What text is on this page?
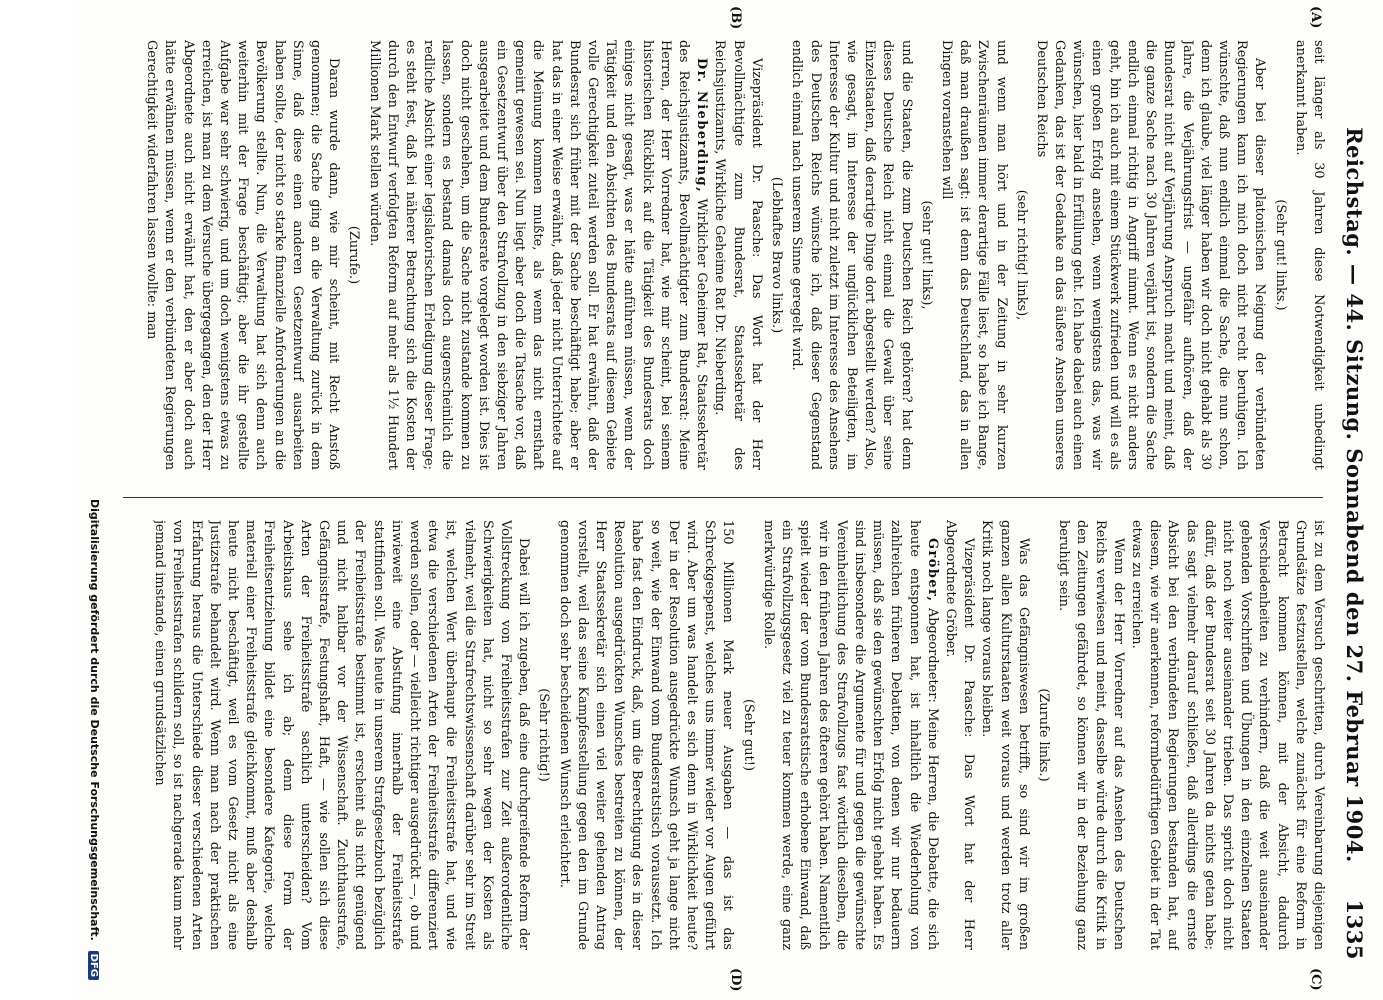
Reichstag. — 44. Sitzung. Sonnabend den 27. Februar 1904.
1335
(A)
(B)
(C)
(D)

seit länger als 30 Jahren diese Notwendigkeit unbedingt anerkannt haben.

(Sehr gut! links.)

Aber bei dieser platonischen Neigung der verbündeten Regierungen kann ich mich doch nicht recht beruhigen. Ich wünschte, daß nun endlich einmal die Sache, die nun schon, denn ich glaube, viel länger haben wir doch nicht gehabt als 30 Jahre, die Verjährungsfrist — ungefähr aufhören, daß der Bundesrat nicht auf Verjährung Anspruch macht und meint, daß die ganze Sache nach 30 Jahren verjährt ist, sondern die Sache endlich einmal richtig in Angriff nimmt. Wenn es nicht anders geht, bin ich auch mit einem Stückwerk zufrieden und will es als einen großen Erfolg ansehen, wenn wenigstens das, was wir wünschen, hier bald in Erfüllung geht. Ich habe dabei auch einen Gedanken, das ist der Gedanke an das äußere Ansehen unseres Deutschen Reichs

(sehr richtig! links),

und wenn man hört und in der Zeitung in sehr kurzen Zwischenräumen immer derartige Fälle liest, so habe ich Bange, daß man draußen sagt: ist denn das Deutschland, das in allen Dingen voranstehen will

(sehr gut! links),

und die Staaten, die zum Deutschen Reich gehören? hat denn dieses Deutsche Reich nicht einmal die Gewalt über seine Einzelstaaten, daß derartige Dinge dort abgestellt werden? Also, wie gesagt, im Interesse der unglücklichen Beteiligten, im Interesse der Kultur und nicht zuletzt im Interesse des Ansehens des Deutschen Reichs wünsche ich, daß dieser Gegenstand endlich einmal nach unserem Sinne geregelt wird.

(Lebhaftes Bravo links.)

Vizepräsident Dr. Paasche: Das Wort hat der Herr Bevollmächtigte zum Bundesrat, Staatssekretär des Reichsjustizamts, Wirkliche Geheime Rat Dr. Nieberding.

Dr. Nieberding, Wirklicher Geheimer Rat, Staatssekretär des Reichsjustizamts, Bevollmächtigter zum Bundesrat: Meine Herren, der Herr Vorredner hat, wie mir scheint, bei seinem historischen Rückblick auf die Tätigkeit des Bundesrats doch einiges nicht gesagt, was er hätte anführen müssen, wenn der Tätigkeit und den Absichten des Bundesrats auf diesem Gebiete volle Gerechtigkeit zuteil werden soll. Er hat erwähnt, daß der Bundesrat sich früher mit der Sache beschäftigt habe; aber er hat das in einer Weise erwähnt, daß jeder nicht Unterrichtete auf die Meinung kommen mußte, als wenn das nicht ernsthaft gemeint gewesen sei. Nun liegt aber doch die Tatsache vor, daß ein Gesetzentwurf über den Strafvollzug in den siebziger Jahren ausgearbeitet und dem Bundesrate vorgelegt worden ist. Dies ist doch nicht geschehen, um die Sache nicht zustande kommen zu lassen, sondern es bestand damals doch augenscheinlich die redliche Absicht einer legislatorischen Erledigung dieser Frage; es steht fest, daß bei näherer Betrachtung sich die Kosten der durch den Entwurf verfolgten Reform auf mehr als 1½ Hundert Millionen Mark stellen würden.

(Zurufe.)

Daran wurde dann, wie mir scheint, mit Recht Anstoß genommen; die Sache ging an die Verwaltung zurück in dem Sinne, daß diese einen anderen Gesetzentwurf ausarbeiten haben sollte, der nicht so starke finanzielle Anforderungen an die Bevölkerung stellte. Nun, die Verwaltung hat sich denn auch weiterhin mit der Frage beschäftigt; aber die ihr gestellte Aufgabe war sehr schwierig, und um doch wenigstens etwas zu erreichen, ist man zu dem Versuche übergegangen, den der Herr Abgeordnete auch nicht erwähnt hat, den er aber doch auch hätte erwähnen müssen, wenn er den verbündeten Regierungen Gerechtigkeit widerfahren lassen wollte: man

ist zu dem Versuch geschritten, durch Vereinbarung diejenigen Grundsätze festzustellen, welche zunächst für eine Reform in Betracht kommen können, mit der Absicht, dadurch Verschiedenheiten zu verhindern, daß die weit auseinander gehenden Vorschriften und Übungen in den einzelnen Staaten nicht noch weiter auseinander trieben. Das spricht doch nicht dafür, daß der Bundesrat seit 30 Jahren da nichts getan habe; das sagt vielmehr darauf schließen, daß allerdings die ernste Absicht bei den verbündeten Regierungen bestanden hat, auf diesem, wie wir anerkennen, reformbedürftigen Gebiet in der Tat etwas zu erreichen.

Wenn der Herr Vorredner auf das Ansehen des Deutschen Reichs verwiesen und meint, dasselbe würde durch die Kritik in den Zeitungen gefährdet, so können wir in der Beziehung ganz beruhigt sein.

(Zurufe links.)

Was das Gefängniswesen betrifft, so sind wir im großen ganzen allen Kulturstaaten weit voraus und werden trotz aller Kritik noch lange voraus bleiben.

Vizepräsident Dr. Paasche: Das Wort hat der Herr Abgeordnete Gröber.

Gröber, Abgeordneter: Meine Herren, die Debatte, die sich heute entsponnen hat, ist inhaltlich die Wiederholung von zahlreichen früheren Debatten, von denen wir nur bedauern müssen, daß sie den gewünschten Erfolg nicht gehabt haben. Es sind insbesondere die Argumente für und gegen die gewünschte Vereinheitlichung des Strafvollzugs fast wörtlich dieselben, die wir in den früheren Jahren des öfteren gehört haben. Namentlich spielt wieder der vom Bundesratstische erhobene Einwand, daß ein Strafvollzugsgesetz viel zu teuer kommen werde, eine ganz merkwürdige Rolle.

(Sehr gut!)

150 Millionen Mark neuer Ausgaben — das ist das Schreckgespenst, welches uns immer wieder vor Augen geführt wird. Aber um was handelt es sich denn in Wirklichkeit heute? Der in der Resolution ausgedrückte Wunsch geht ja lange nicht so weit, wie der Einwand vom Bundesratstisch voraussetzt. Ich habe fast den Eindruck, daß, um die Berechtigung des in dieser Resolution ausgedrückten Wunsches bestreiten zu können, der Herr Staatssekretär sich einen viel weiter gehenden Antrag vorstellt, weil das seine Kampfesstellung gegen den im Grunde genommen doch sehr bescheidenen Wunsch erleichtert.

(Sehr richtig!)

Dabei will ich zugeben, daß eine durchgreifende Reform der Vollstreckung von Freiheitsstrafen zur Zeit außerordentliche Schwierigkeiten hat, nicht so sehr wegen der Kosten als vielmehr, weil die Strafrechtswissenschaft darüber sehr im Streit ist, welchen Wert überhaupt die Freiheitsstrafe hat, und wie etwa die verschiedenen Arten der Freiheitsstrafe differenziert werden sollen, oder — vielleicht richtiger ausgedrückt —, ob und inwieweit eine Abstufung innerhalb der Freiheitsstrafe stattfinden soll. Was heute in unserem Strafgesetzbuch bezüglich der Freiheitsstrafe bestimmt ist, erscheint als nicht genügend und nicht haltbar vor der Wissenschaft. Zuchthausstrafe, Gefängnisstrafe, Festungshaft, Haft, — wie sollen sich diese Arten der Freiheitsstrafe sachlich unterscheiden? Vom Arbeitshaus sehe ich ab; denn diese Form der Freiheitsentziehung bildet eine besondere Kategorie, welche materiell einer Freiheitsstrafe gleichkommt, muß aber deshalb heute nicht beschäftigt, weil es vom Gesetz nicht als eine Justizstrafe behandelt wird. Wenn man nach der praktischen Erfahrung heraus die Unterschiede dieser verschiedenen Arten von Freiheitsstrafen schildern soll, so ist nachgerade kaum mehr jemand imstande, einen grundsätzlichen

Digitalisierung gefördert durch die Deutsche Forschungsgemeinschaft. DFG
